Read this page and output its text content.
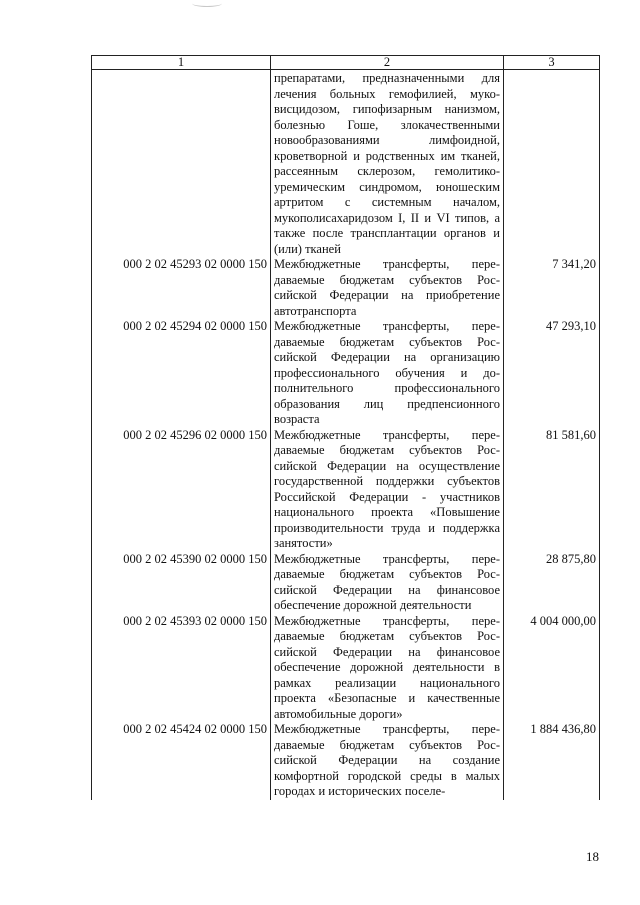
1	2	3
	препаратами, предназначенными для лечения больных гемофилией, муковисцидозом, гипофизарным нанизмом, болезнью Гоше, злокачественными новообразованиями лимфоидной, кроветворной и родственных им тканей, рассеянным склерозом, гемолитико-уремическим синдромом, юношеским артритом с системным началом, мукополисахаридозом I, II и VI типов, а также после трансплантации органов и (или) тканей	
000 2 02 45293 02 0000 150	Межбюджетные трансферты, передаваемые бюджетам субъектов Российской Федерации на приобретение автотранспорта	7 341,20
000 2 02 45294 02 0000 150	Межбюджетные трансферты, передаваемые бюджетам субъектов Российской Федерации на организацию профессионального обучения и дополнительного профессионального образования лиц предпенсионного возраста	47 293,10
000 2 02 45296 02 0000 150	Межбюджетные трансферты, передаваемые бюджетам субъектов Российской Федерации на осуществление государственной поддержки субъектов Российской Федерации - участников национального проекта «Повышение производительности труда и поддержка занятости»	81 581,60
000 2 02 45390 02 0000 150	Межбюджетные трансферты, передаваемые бюджетам субъектов Российской Федерации на финансовое обеспечение дорожной деятельности	28 875,80
000 2 02 45393 02 0000 150	Межбюджетные трансферты, передаваемые бюджетам субъектов Российской Федерации на финансовое обеспечение дорожной деятельности в рамках реализации национального проекта «Безопасные и качественные автомобильные дороги»	4 004 000,00
000 2 02 45424 02 0000 150	Межбюджетные трансферты, передаваемые бюджетам субъектов Российской Федерации на создание комфортной городской среды в малых городах и исторических поселе-	1 884 436,80
18
